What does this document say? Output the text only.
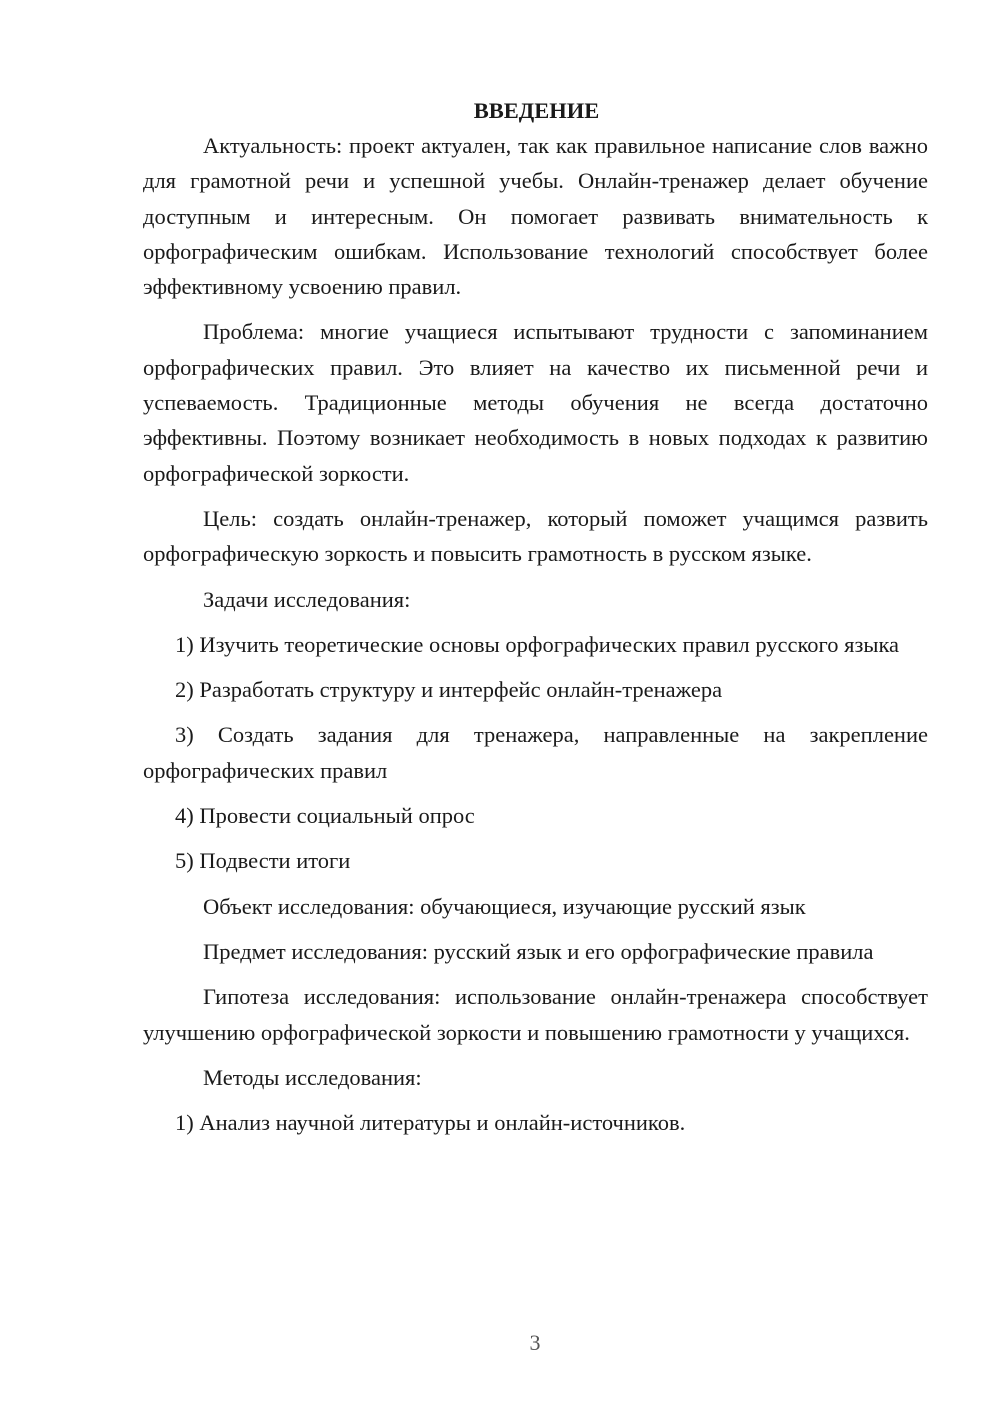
ВВЕДЕНИЕ

Актуальность: проект актуален, так как правильное написание слов важно для грамотной речи и успешной учебы. Онлайн-тренажер делает обучение доступным и интересным. Он помогает развивать внимательность к орфографическим ошибкам. Использование технологий способствует более эффективному усвоению правил.

Проблема: многие учащиеся испытывают трудности с запоминанием орфографических правил. Это влияет на качество их письменной речи и успеваемость. Традиционные методы обучения не всегда достаточно эффективны. Поэтому возникает необходимость в новых подходах к развитию орфографической зоркости.

Цель: создать онлайн-тренажер, который поможет учащимся развить орфографическую зоркость и повысить грамотность в русском языке.

Задачи исследования:

1) Изучить теоретические основы орфографических правил русского языка

2) Разработать структуру и интерфейс онлайн-тренажера

3) Создать задания для тренажера, направленные на закрепление орфографических правил

4) Провести социальный опрос

5) Подвести итоги

Объект исследования: обучающиеся, изучающие русский язык

Предмет исследования: русский язык и его орфографические правила

Гипотеза исследования: использование онлайн-тренажера способствует улучшению орфографической зоркости и повышению грамотности у учащихся.

Методы исследования:

1) Анализ научной литературы и онлайн-источников.

3
